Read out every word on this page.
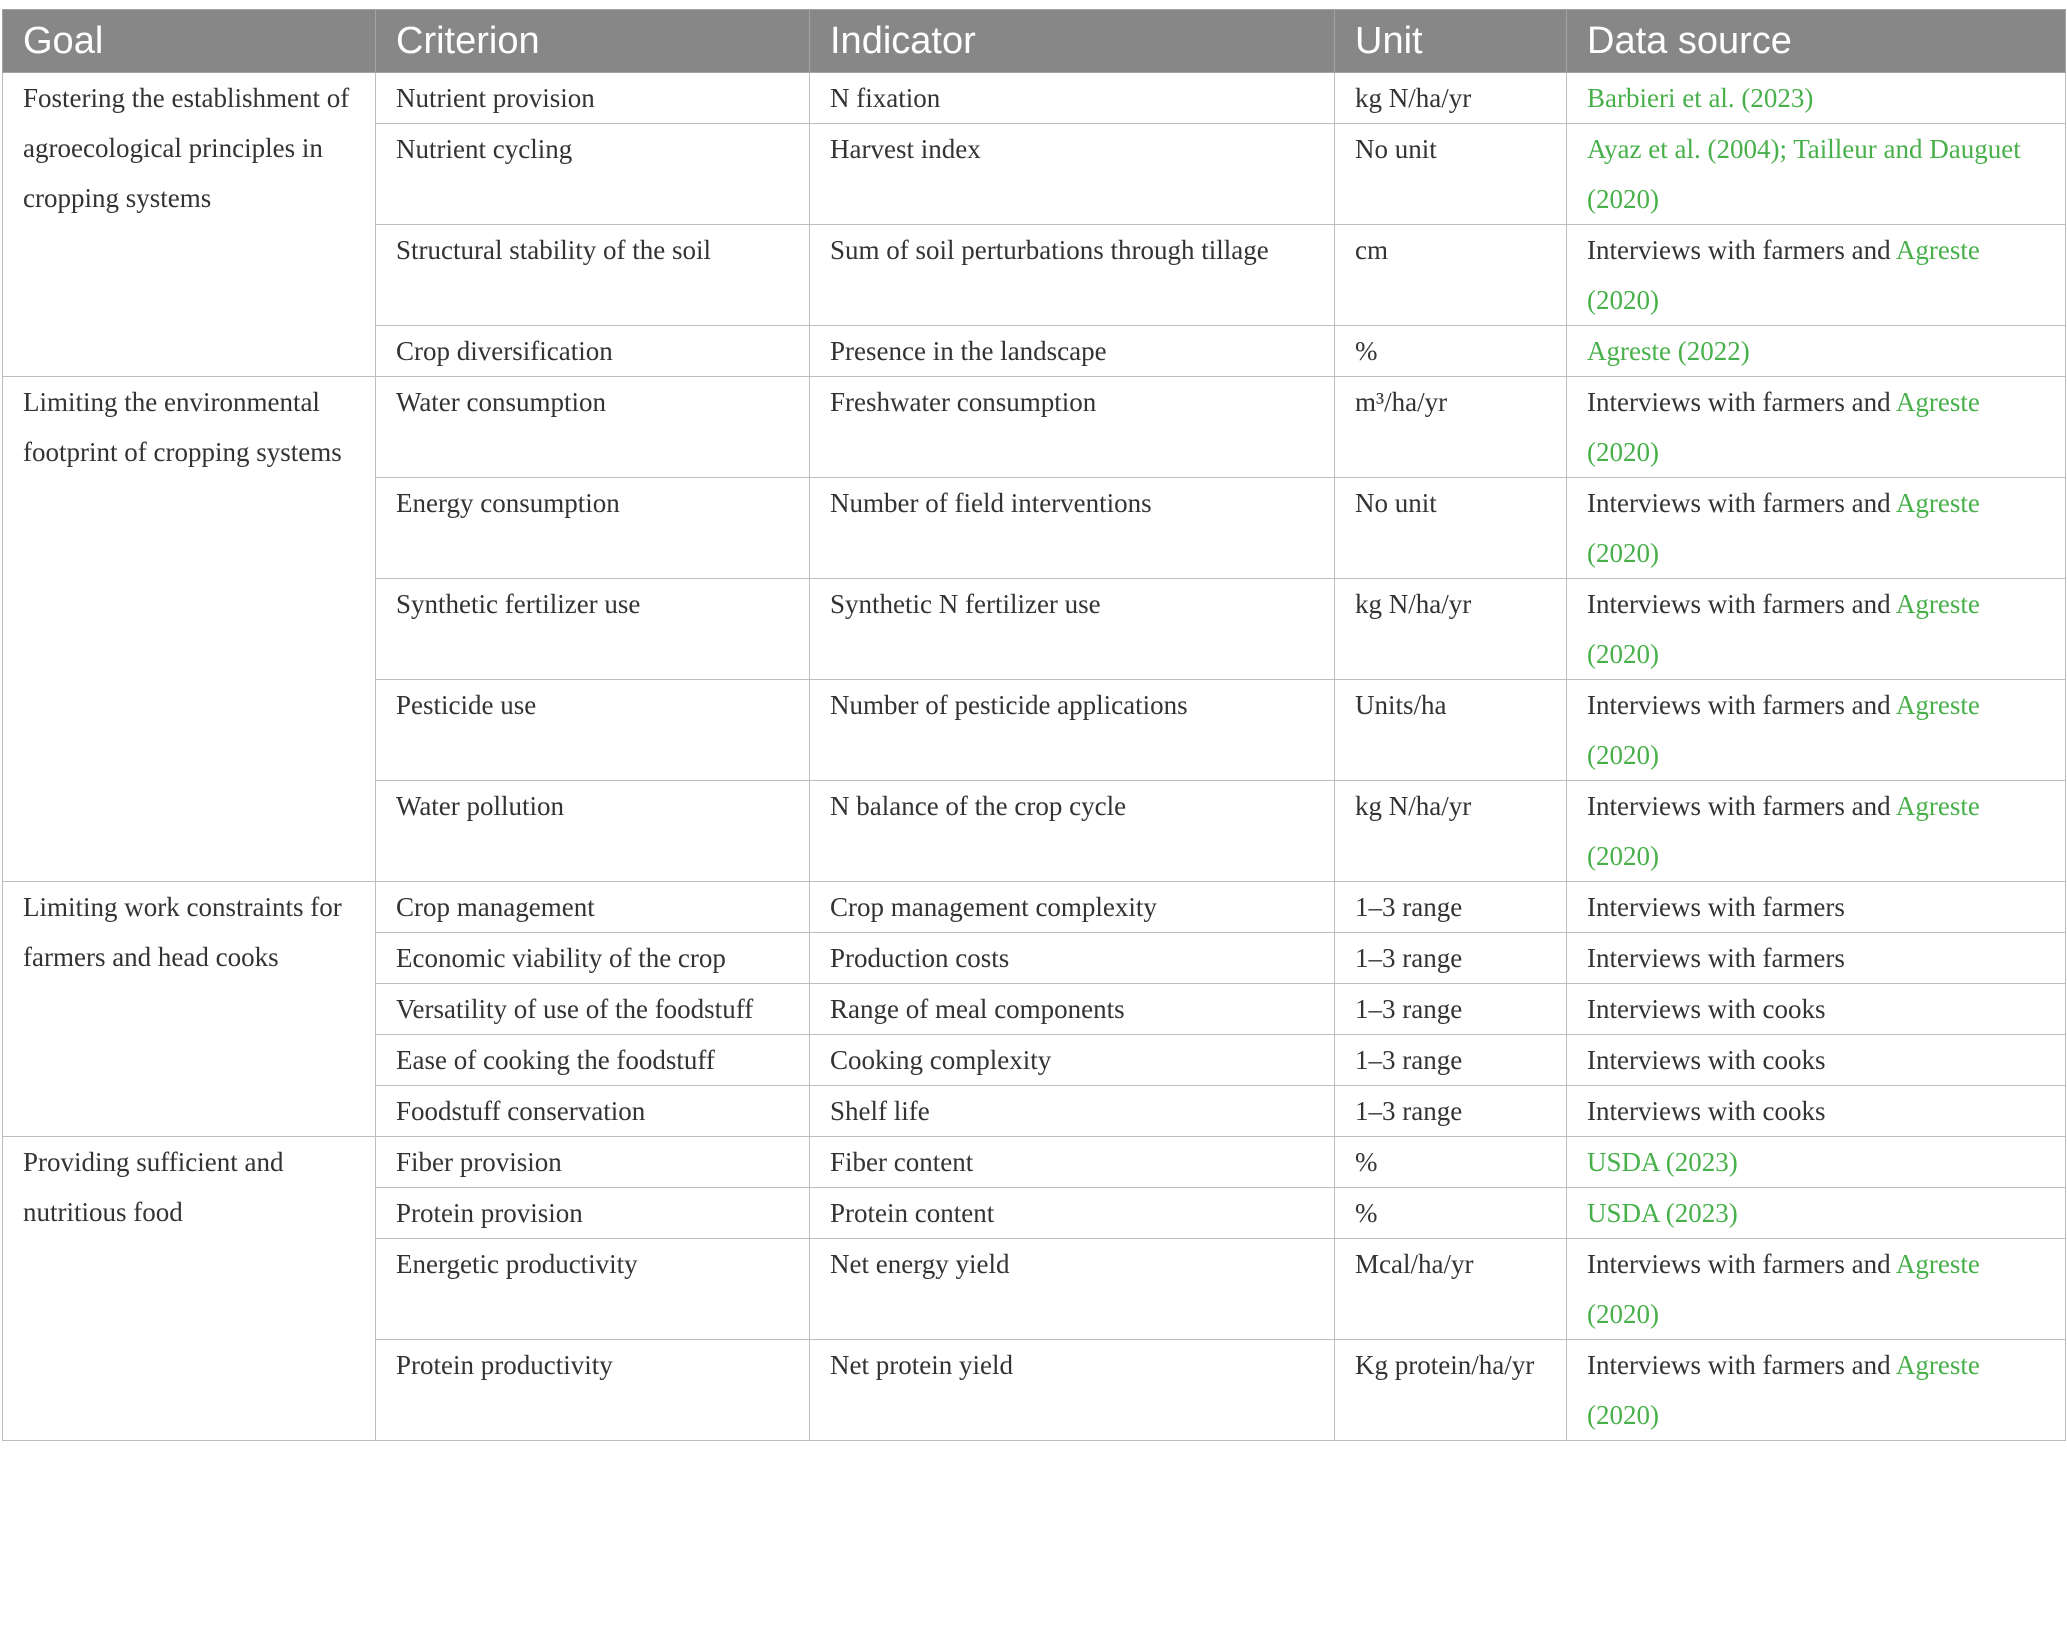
Goal	Criterion	Indicator	Unit	Data source
Fostering the establishment of agroecological principles in cropping systems	Nutrient provision	N fixation	kg N/ha/yr	Barbieri et al. (2023)
	Nutrient cycling	Harvest index	No unit	Ayaz et al. (2004); Tailleur and Dauguet (2020)
	Structural stability of the soil	Sum of soil perturbations through tillage	cm	Interviews with farmers and Agreste (2020)
	Crop diversification	Presence in the landscape	%	Agreste (2022)
Limiting the environmental footprint of cropping systems	Water consumption	Freshwater consumption	m³/ha/yr	Interviews with farmers and Agreste (2020)
	Energy consumption	Number of field interventions	No unit	Interviews with farmers and Agreste (2020)
	Synthetic fertilizer use	Synthetic N fertilizer use	kg N/ha/yr	Interviews with farmers and Agreste (2020)
	Pesticide use	Number of pesticide applications	Units/ha	Interviews with farmers and Agreste (2020)
	Water pollution	N balance of the crop cycle	kg N/ha/yr	Interviews with farmers and Agreste (2020)
Limiting work constraints for farmers and head cooks	Crop management	Crop management complexity	1–3 range	Interviews with farmers
	Economic viability of the crop	Production costs	1–3 range	Interviews with farmers
	Versatility of use of the foodstuff	Range of meal components	1–3 range	Interviews with cooks
	Ease of cooking the foodstuff	Cooking complexity	1–3 range	Interviews with cooks
	Foodstuff conservation	Shelf life	1–3 range	Interviews with cooks
Providing sufficient and nutritious food	Fiber provision	Fiber content	%	USDA (2023)
	Protein provision	Protein content	%	USDA (2023)
	Energetic productivity	Net energy yield	Mcal/ha/yr	Interviews with farmers and Agreste (2020)
	Protein productivity	Net protein yield	Kg protein/ha/yr	Interviews with farmers and Agreste (2020)
